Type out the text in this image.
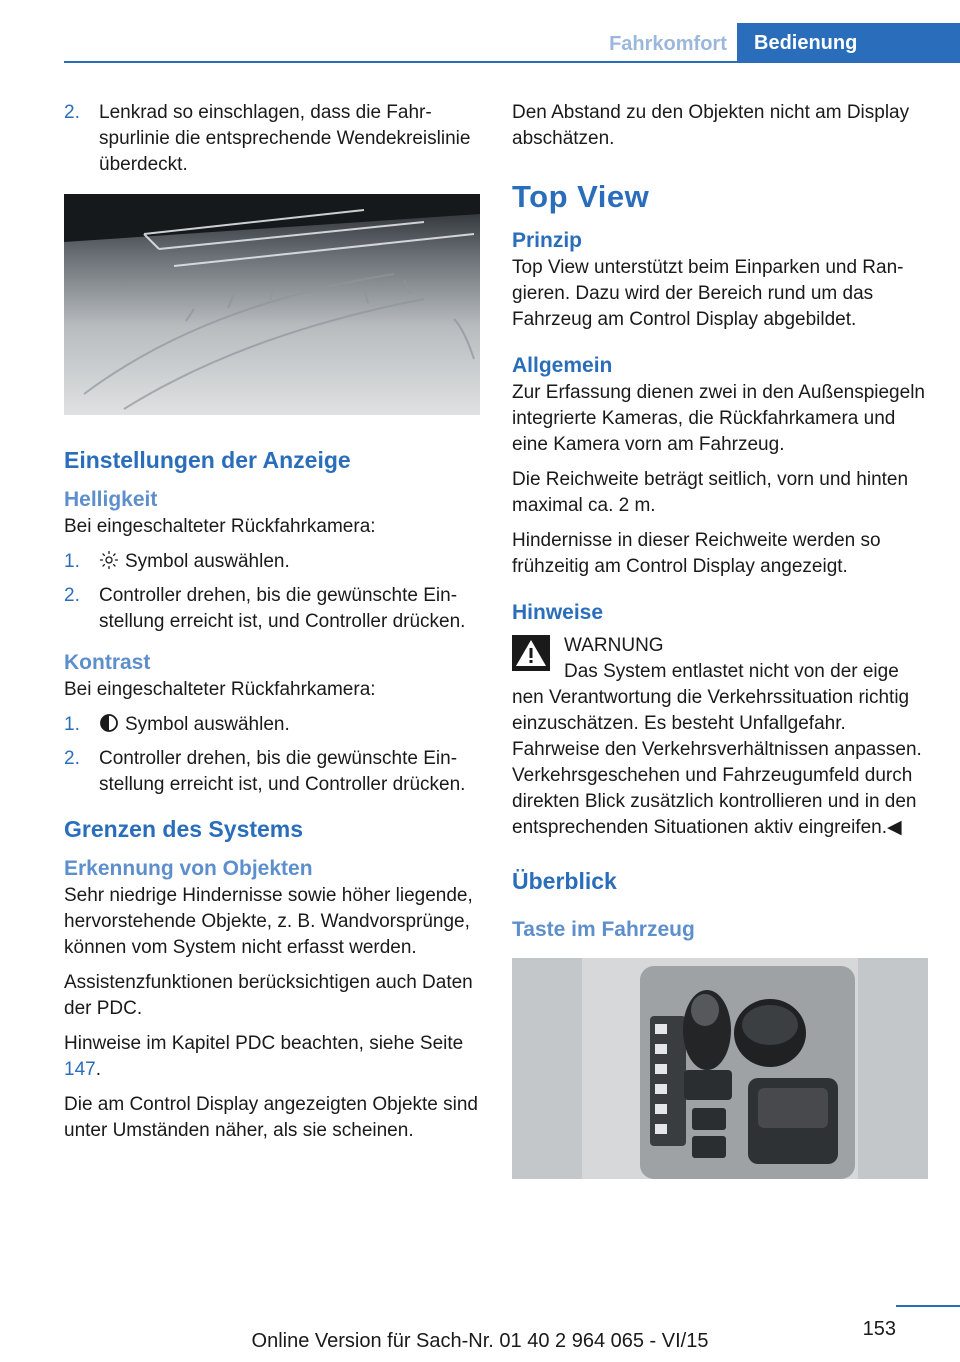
Fahrkomfort	Bedienung
2. Lenkrad so einschlagen, dass die Fahrspurlinie die entsprechende Wendekreislinie überdeckt.
Einstellungen der Anzeige
Helligkeit

Bei eingeschalteter Rückfahrkamera:

1. Symbol auswählen.
2. Controller drehen, bis die gewünschte Einstellung erreicht ist, und Controller drücken.
Kontrast

Bei eingeschalteter Rückfahrkamera:

1. Symbol auswählen.
2. Controller drehen, bis die gewünschte Einstellung erreicht ist, und Controller drücken.
Grenzen des Systems
Erkennung von Objekten

Sehr niedrige Hindernisse sowie höher liegende, hervorstehende Objekte, z. B. Wandvorsprünge, können vom System nicht erfasst werden.

Assistenzfunktionen berücksichtigen auch Daten der PDC.

Hinweise im Kapitel PDC beachten, siehe Seite 147.

Die am Control Display angezeigten Objekte sind unter Umständen näher, als sie scheinen.

Den Abstand zu den Objekten nicht am Display abschätzen.

Top View
Prinzip

Top View unterstützt beim Einparken und Rangieren. Dazu wird der Bereich rund um das Fahrzeug am Control Display abgebildet.

Allgemein

Zur Erfassung dienen zwei in den Außenspiegeln integrierte Kameras, die Rückfahrkamera und eine Kamera vorn am Fahrzeug.

Die Reichweite beträgt seitlich, vorn und hinten maximal ca. 2 m.

Hindernisse in dieser Reichweite werden so frühzeitig am Control Display angezeigt.

Hinweise

WARNUNG

Das System entlastet nicht von der eige

nen Verantwortung die Verkehrssituation richtig einzuschätzen. Es besteht Unfallgefahr. Fahrweise den Verkehrsverhältnissen anpassen. Verkehrsgeschehen und Fahrzeugumfeld durch direkten Blick zusätzlich kontrollieren und in den entsprechenden Situationen aktiv eingreifen.◀

Überblick
Taste im Fahrzeug
153
Online Version für Sach-Nr. 01 40 2 964 065 - VI/15
